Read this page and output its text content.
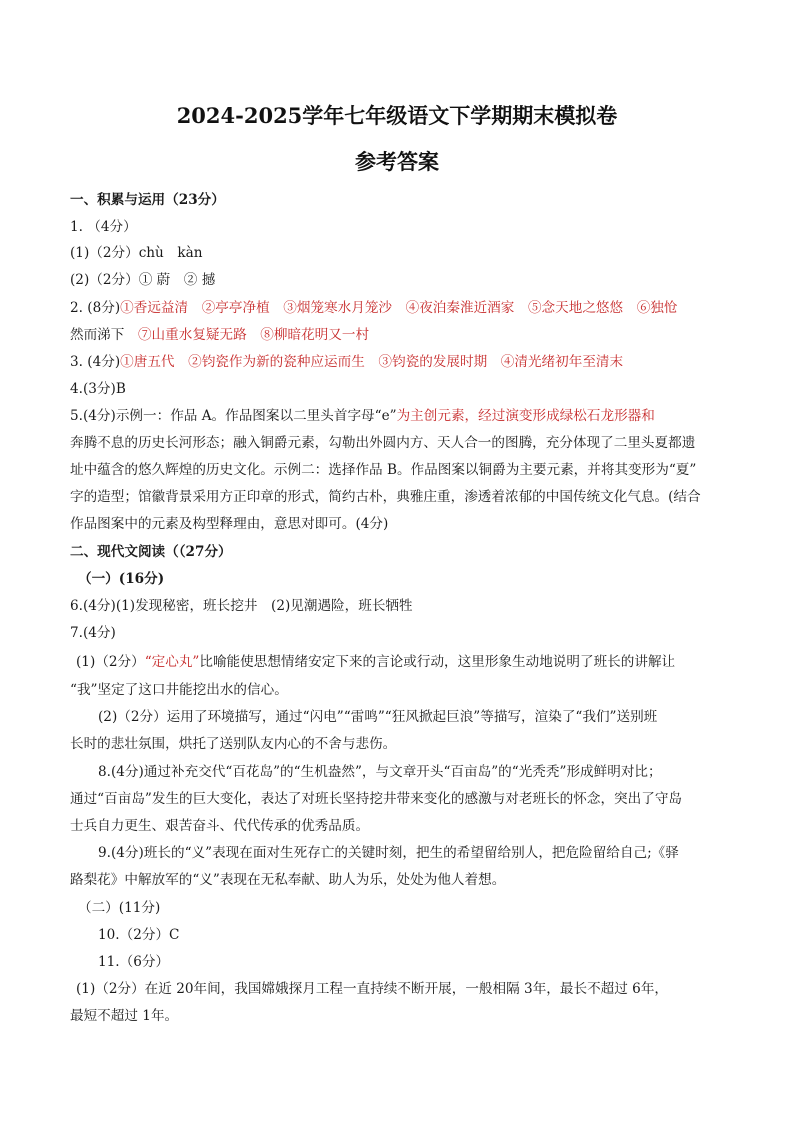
2024-2025学年七年级语文下学期期末模拟卷
参考答案
一、积累与运用（23分）
1. （4分）
(1)（2分）chù　kàn
(2)（2分）① 蔚　② 撼
2. (8分)①香远益清　②亭亭净植　③烟笼寒水月笼沙　④夜泊秦淮近酒家　⑤念天地之悠悠　⑥独怆
然而涕下　 ⑦山重水复疑无路　⑧柳暗花明又一村
3. (4分)①唐五代　②钧瓷作为新的瓷种应运而生　③钧瓷的发展时期　④清光绪初年至清末
4.(3分)B
5.(4分)示例一：作品 A。作品图案以二里头首字母“e”为主创元素，经过演变形成绿松石龙形器和
奔腾不息的历史长河形态；融入铜爵元素，勾勒出外圆内方、天人合一的图腾，充分体现了二里头夏都遗
址中蕴含的悠久辉煌的历史文化。示例二：选择作品 B。作品图案以铜爵为主要元素，并将其变形为“夏”
字的造型；馆徽背景采用方正印章的形式，简约古朴，典雅庄重，渗透着浓郁的中国传统文化气息。(结合
作品图案中的元素及构型释理由，意思对即可。(4分)
二、现代文阅读（（27分）
（一）(16分)
6.(4分)(1)发现秘密，班长挖井　(2)见潮遇险，班长牺牲
7.(4分)
(1)（2分）“定心丸”比喻能使思想情绪安定下来的言论或行动，这里形象生动地说明了班长的讲解让
“我”坚定了这口井能挖出水的信心。
(2)（2分）运用了环境描写，通过“闪电”“雷鸣”“狂风掀起巨浪”等描写，渲染了“我们”送别班
长时的悲壮氛围，烘托了送别队友内心的不舍与悲伤。
8.(4分)通过补充交代“百花岛”的“生机盎然”，与文章开头“百亩岛”的“光秃秃”形成鲜明对比；
通过“百亩岛”发生的巨大变化，表达了对班长坚持挖井带来变化的感激与对老班长的怀念，突出了守岛
士兵自力更生、艰苦奋斗、代代传承的优秀品质。
9.(4分)班长的“义”表现在面对生死存亡的关键时刻，把生的希望留给别人，把危险留给自己;《驿
路梨花》中解放军的“义”表现在无私奉献、助人为乐，处处为他人着想。
（二）(11分)
10.（2分）C
11.（6分）
(1)（2分）在近 20年间，我国嫦娥探月工程一直持续不断开展，一般相隔 3年，最长不超过 6年，
最短不超过 1年。
